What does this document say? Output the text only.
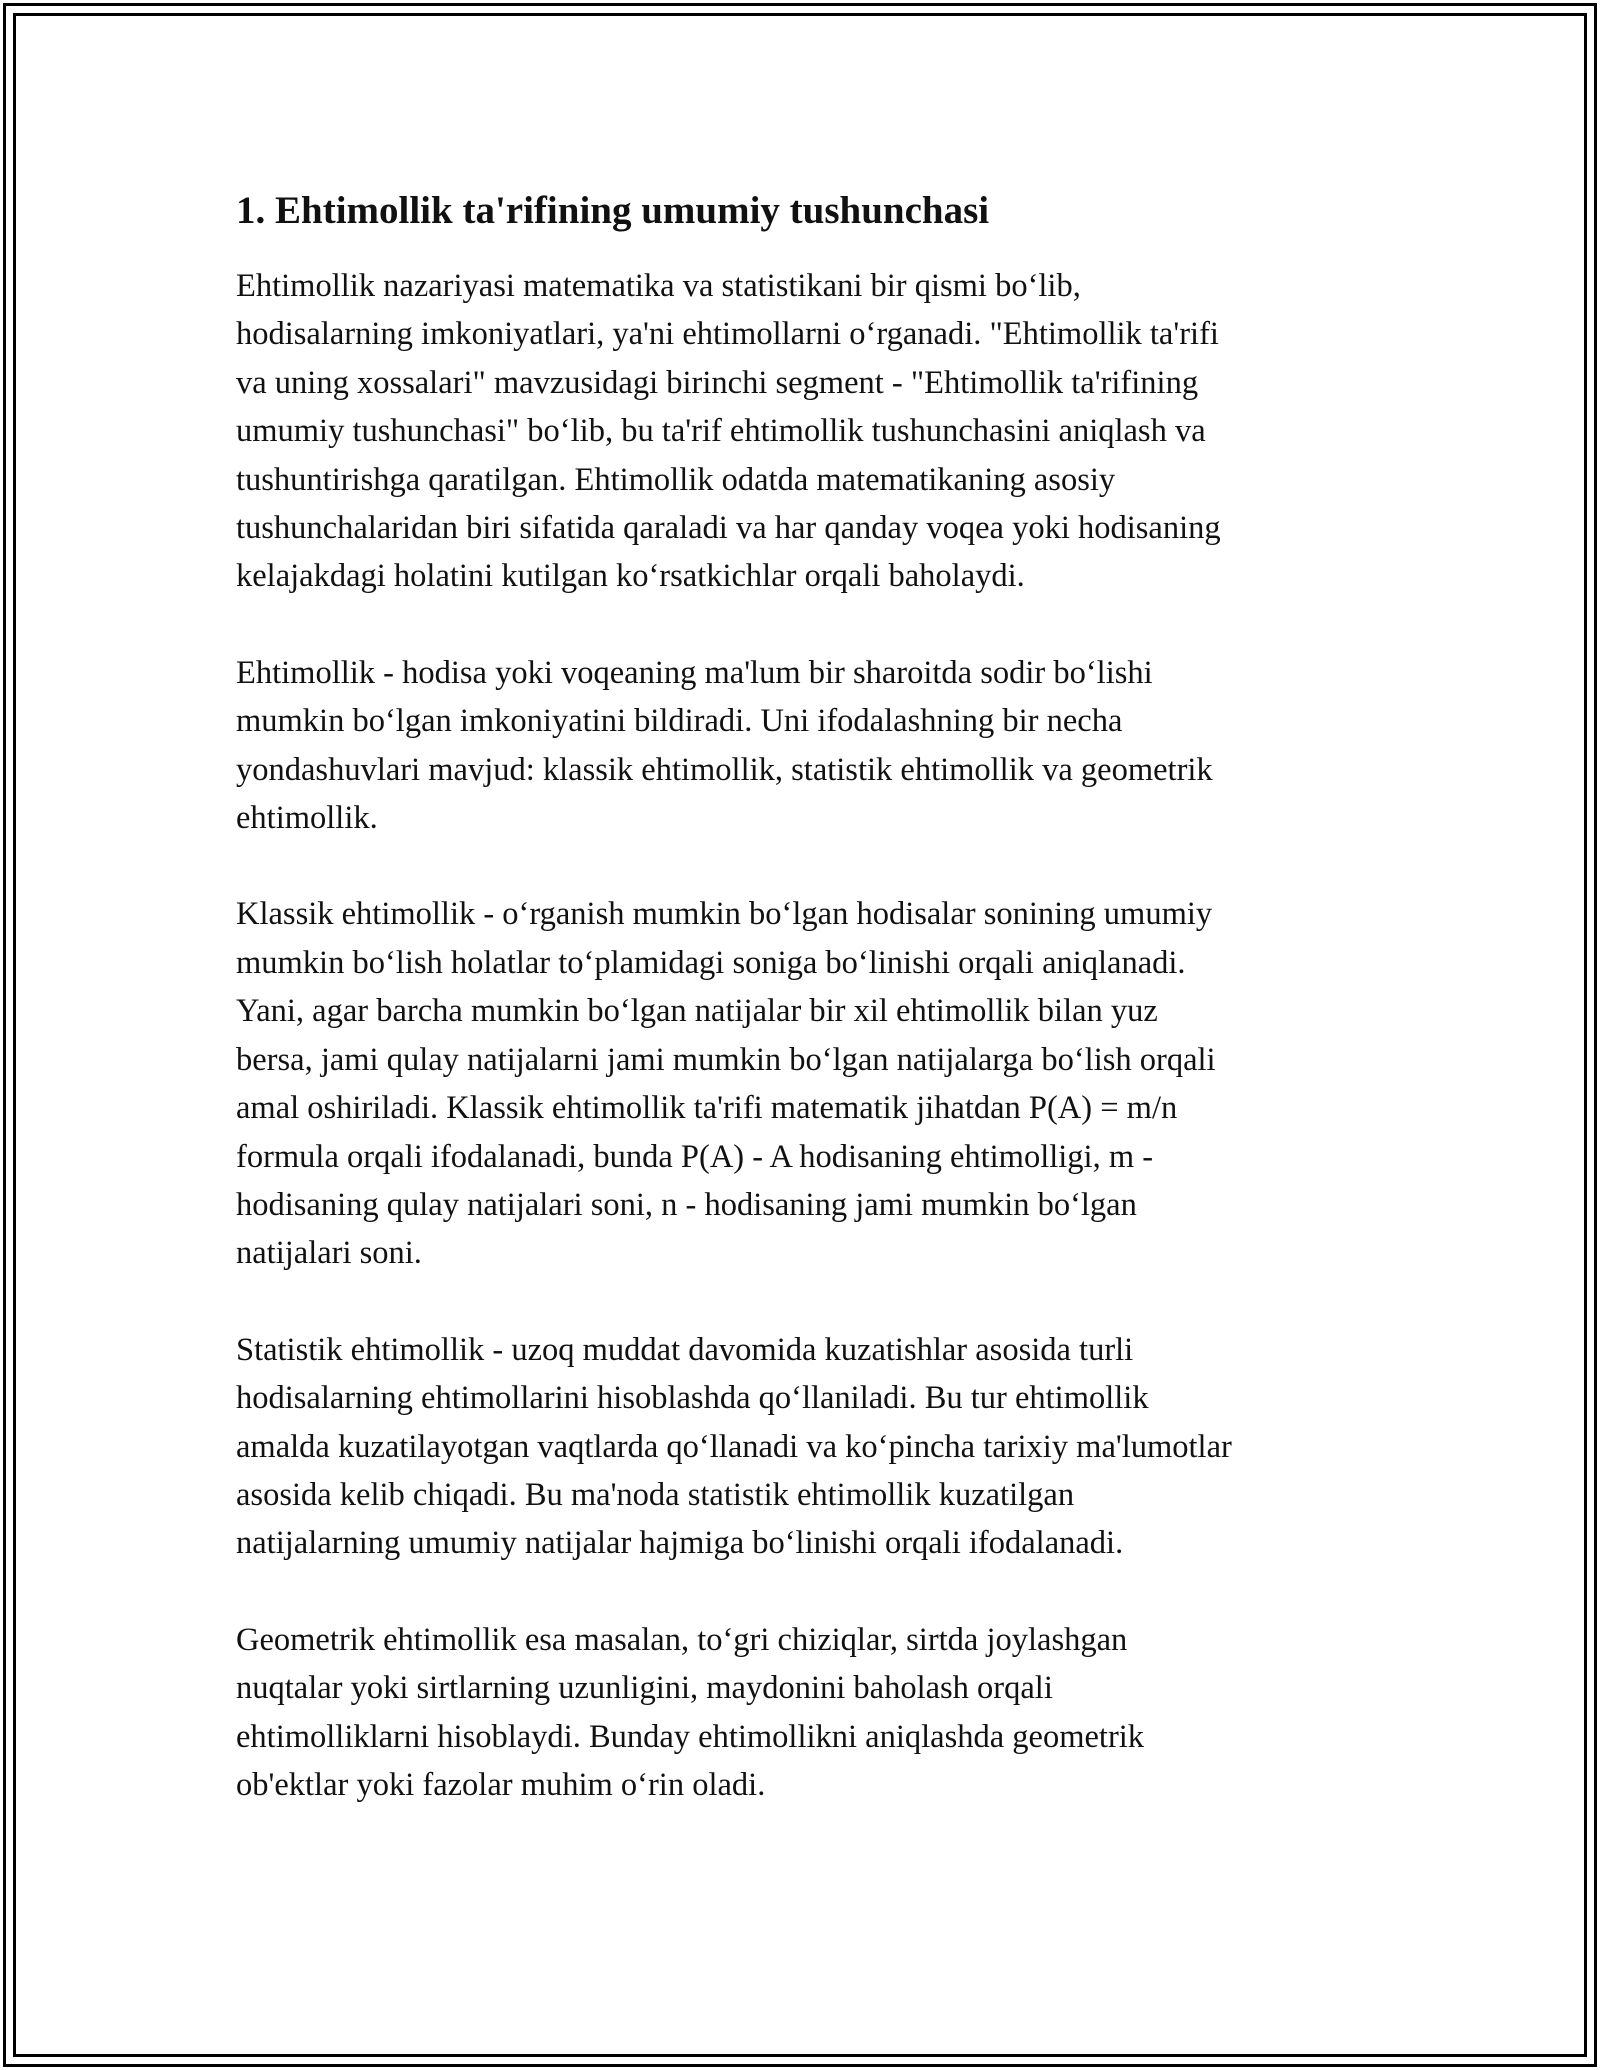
1. Ehtimollik ta'rifining umumiy tushunchasi

Ehtimollik nazariyasi matematika va statistikani bir qismi bo‘lib,
hodisalarning imkoniyatlari, ya'ni ehtimollarni o‘rganadi. "Ehtimollik ta'rifi
va uning xossalari" mavzusidagi birinchi segment - "Ehtimollik ta'rifining
umumiy tushunchasi" bo‘lib, bu ta'rif ehtimollik tushunchasini aniqlash va
tushuntirishga qaratilgan. Ehtimollik odatda matematikaning asosiy
tushunchalaridan biri sifatida qaraladi va har qanday voqea yoki hodisaning
kelajakdagi holatini kutilgan ko‘rsatkichlar orqali baholaydi.

Ehtimollik - hodisa yoki voqeaning ma'lum bir sharoitda sodir bo‘lishi
mumkin bo‘lgan imkoniyatini bildiradi. Uni ifodalashning bir necha
yondashuvlari mavjud: klassik ehtimollik, statistik ehtimollik va geometrik
ehtimollik.

Klassik ehtimollik - o‘rganish mumkin bo‘lgan hodisalar sonining umumiy
mumkin bo‘lish holatlar to‘plamidagi soniga bo‘linishi orqali aniqlanadi.
Yani, agar barcha mumkin bo‘lgan natijalar bir xil ehtimollik bilan yuz
bersa, jami qulay natijalarni jami mumkin bo‘lgan natijalarga bo‘lish orqali
amal oshiriladi. Klassik ehtimollik ta'rifi matematik jihatdan P(A) = m/n
formula orqali ifodalanadi, bunda P(A) - A hodisaning ehtimolligi, m -
hodisaning qulay natijalari soni, n - hodisaning jami mumkin bo‘lgan
natijalari soni.

Statistik ehtimollik - uzoq muddat davomida kuzatishlar asosida turli
hodisalarning ehtimollarini hisoblashda qo‘llaniladi. Bu tur ehtimollik
amalda kuzatilayotgan vaqtlarda qo‘llanadi va ko‘pincha tarixiy ma'lumotlar
asosida kelib chiqadi. Bu ma'noda statistik ehtimollik kuzatilgan
natijalarning umumiy natijalar hajmiga bo‘linishi orqali ifodalanadi.

Geometrik ehtimollik esa masalan, to‘gri chiziqlar, sirtda joylashgan
nuqtalar yoki sirtlarning uzunligini, maydonini baholash orqali
ehtimolliklarni hisoblaydi. Bunday ehtimollikni aniqlashda geometrik
ob'ektlar yoki fazolar muhim o‘rin oladi.
